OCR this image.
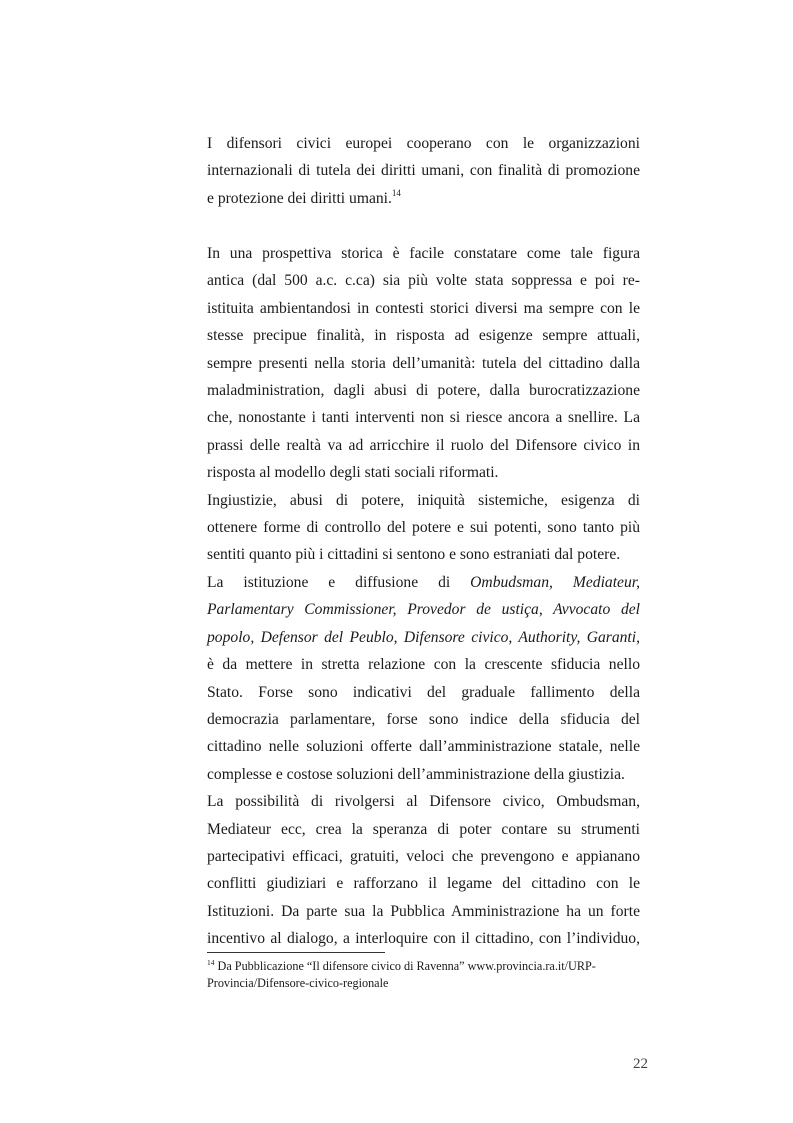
I difensori civici europei cooperano con le organizzazioni

internazionali di tutela dei diritti umani, con finalità di promozione

e protezione dei diritti umani.$^{14}$

In una prospettiva storica è facile constatare come tale figura

antica (dal 500 a.c. c.ca) sia più volte stata soppressa e poi re-

istituita ambientandosi in contesti storici diversi ma sempre con le

stesse precipue finalità, in risposta ad esigenze sempre attuali,

sempre presenti nella storia dell’umanità: tutela del cittadino dalla

maladministration, dagli abusi di potere, dalla burocratizzazione

che, nonostante i tanti interventi non si riesce ancora a snellire. La

prassi delle realtà va ad arricchire il ruolo del Difensore civico in

risposta al modello degli stati sociali riformati.

Ingiustizie, abusi di potere, iniquità sistemiche, esigenza di

ottenere forme di controllo del potere e sui potenti, sono tanto più

sentiti quanto più i cittadini si sentono e sono estraniati dal potere.

La istituzione e diffusione di Ombudsman, Mediateur,

Parlamentary Commissioner, Provedor de ustiça, Avvocato del

popolo, Defensor del Peublo, Difensore civico, Authority, Garanti,

è da mettere in stretta relazione con la crescente sfiducia nello

Stato. Forse sono indicativi del graduale fallimento della

democrazia parlamentare, forse sono indice della sfiducia del

cittadino nelle soluzioni offerte dall’amministrazione statale, nelle

complesse e costose soluzioni dell’amministrazione della giustizia.

La possibilità di rivolgersi al Difensore civico, Ombudsman,

Mediateur ecc, crea la speranza di poter contare su strumenti

partecipativi efficaci, gratuiti, veloci che prevengono e appianano

conflitti giudiziari e rafforzano il legame del cittadino con le

Istituzioni. Da parte sua la Pubblica Amministrazione ha un forte

incentivo al dialogo, a interloquire con il cittadino, con l’individuo,

$^{14}$ Da Pubblicazione “Il difensore civico di Ravenna” www.provincia.ra.it/URP-
Provincia/Difensore-civico-regionale
22
